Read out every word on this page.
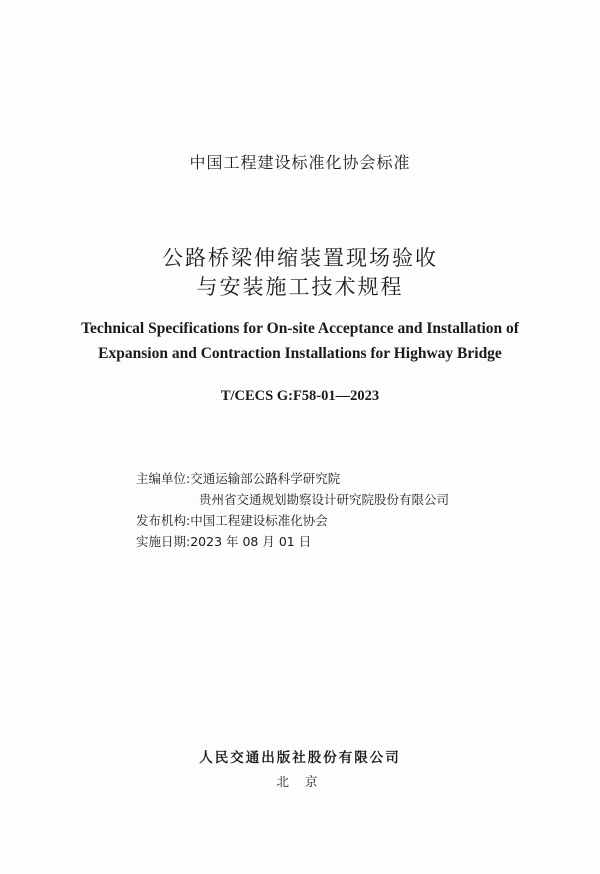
中国工程建设标准化协会标准
公路桥梁伸缩装置现场验收
与安装施工技术规程
Technical Specifications for On-site Acceptance and Installation of
Expansion and Contraction Installations for Highway Bridge
T/CECS G:F58-01—2023
主编单位:交通运输部公路科学研究院
贵州省交通规划勘察设计研究院股份有限公司
发布机构:中国工程建设标准化协会
实施日期:2023 年 08 月 01 日
人民交通出版社股份有限公司
北 京
